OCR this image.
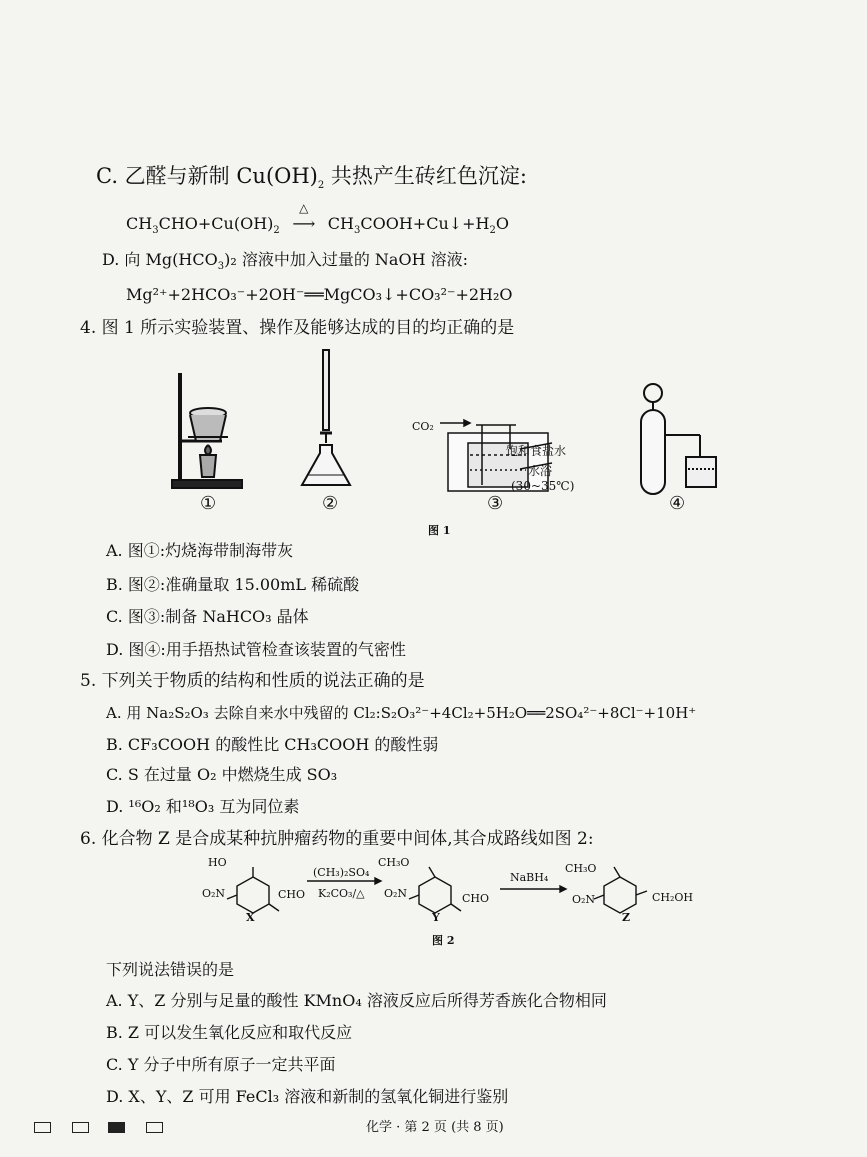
C. 乙醛与新制 $Cu(OH)_2$ 共热产生砖红色沉淀:
$CH_3CHO+Cu(OH)_2$
△
⟶ $CH_3COOH+Cu↓+H_2O$
D. 向 $Mg(HCO_3)_2$ 溶液中加入过量的 NaOH 溶液:
Mg²⁺+2HCO₃⁻+2OH⁻══MgCO₃↓+CO₃²⁻+2H₂O
4. 图 1 所示实验装置、操作及能够达成的目的均正确的是
CO₂
饱和食盐水
水浴
(30~35℃)
①	②	③	④
图 1
A. 图①:灼烧海带制海带灰
B. 图②:准确量取 15.00mL 稀硫酸
C. 图③:制备 NaHCO₃ 晶体
D. 图④:用手捂热试管检查该装置的气密性
5. 下列关于物质的结构和性质的说法正确的是
A. 用 Na₂S₂O₃ 去除自来水中残留的 Cl₂:S₂O₃²⁻+4Cl₂+5H₂O══2SO₄²⁻+8Cl⁻+10H⁺
B. CF₃COOH 的酸性比 CH₃COOH 的酸性弱
C. S 在过量 O₂ 中燃烧生成 SO₃
D. ¹⁶O₂ 和¹⁸O₃ 互为同位素
6. 化合物 Z 是合成某种抗肿瘤药物的重要中间体,其合成路线如图 2:
HO
O₂N	CHO
X
(CH₃)₂SO₄
K₂CO₃/△
CH₃O
O₂N	CHO
Y
NaBH₄
CH₃O
O₂N	CH₂OH
Z
图 2
下列说法错误的是
A. Y、Z 分别与足量的酸性 KMnO₄ 溶液反应后所得芳香族化合物相同
B. Z 可以发生氧化反应和取代反应
C. Y 分子中所有原子一定共平面
D. X、Y、Z 可用 FeCl₃ 溶液和新制的氢氧化铜进行鉴别
化学 · 第 2 页 (共 8 页)
